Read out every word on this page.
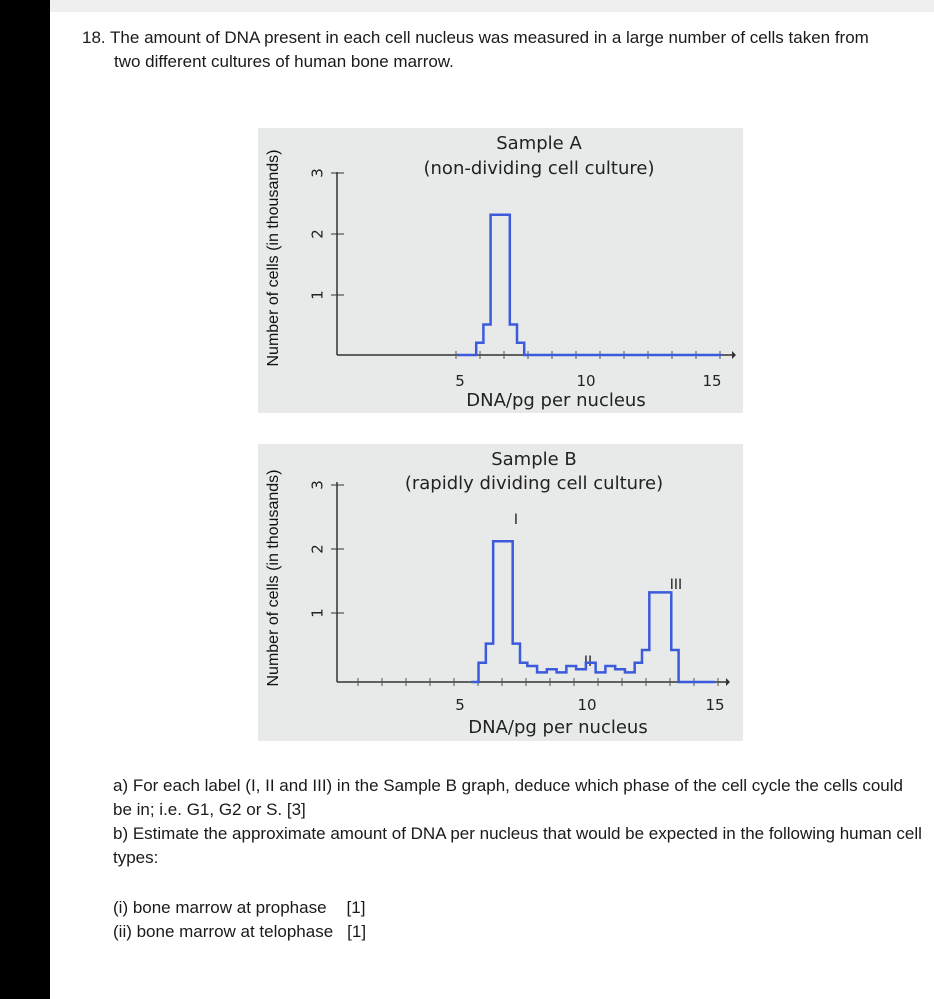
18. The amount of DNA present in each cell nucleus was measured in a large number of cells taken from
two different cultures of human bone marrow.
Sample A
(non-dividing cell culture)
3
2
1
5	10	15
DNA/pg per nucleus
Number of cells (in thousands)
Sample B
(rapidly dividing cell culture)
3
2
1
5	10	15
DNA/pg per nucleus
I
II
III
Number of cells (in thousands)
a) For each label (I, II and III) in the Sample B graph, deduce which phase of the cell cycle the cells could be in; i.e. G1, G2 or S. [3]
b) Estimate the approximate amount of DNA per nucleus that would be expected in the following human cell types:
(i) bone marrow at prophase [1]
(ii) bone marrow at telophase [1]
